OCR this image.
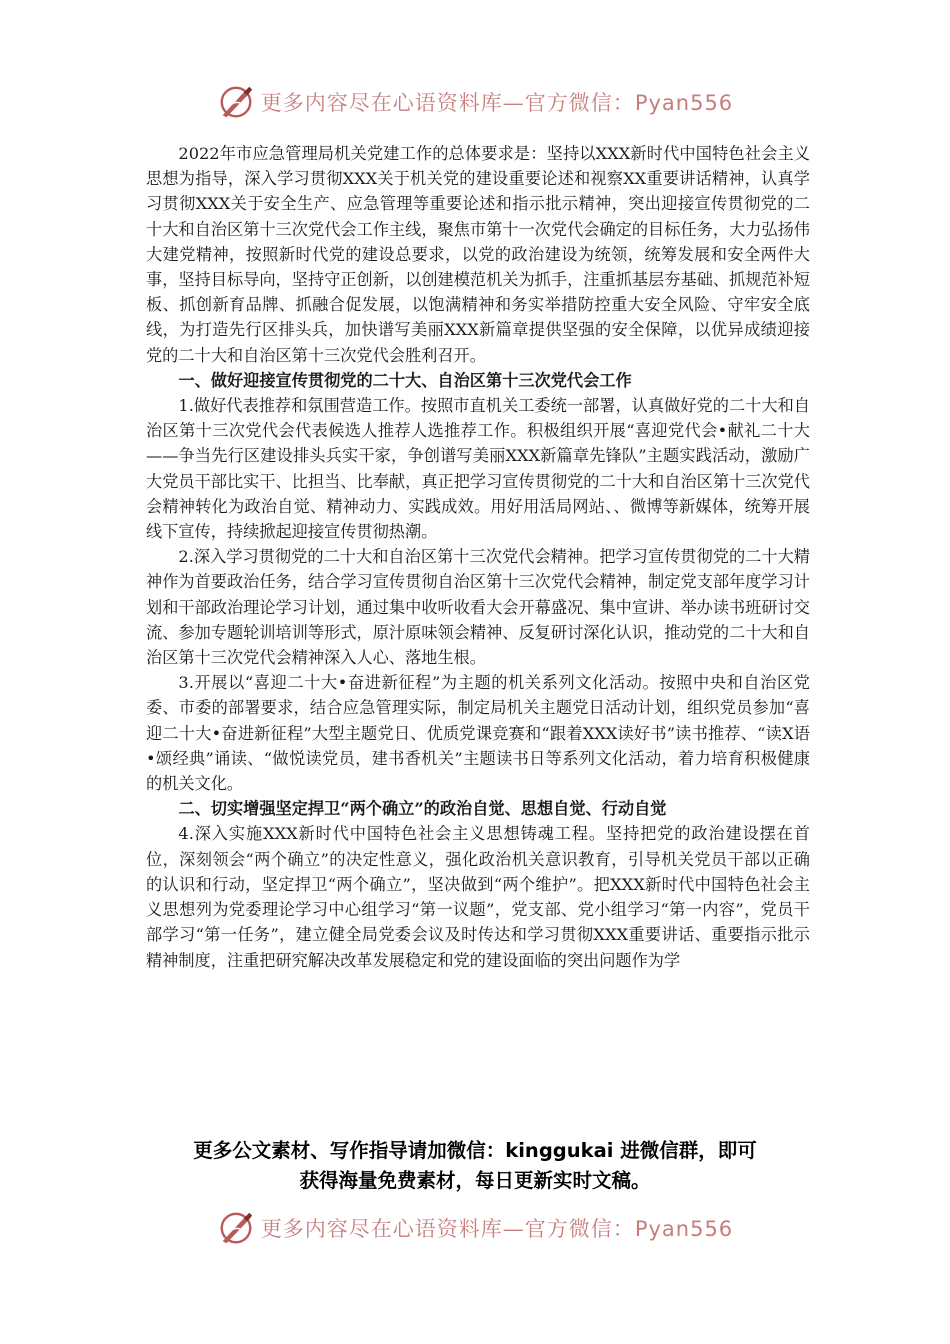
更多内容尽在心语资料库—官方微信：Pyan556

2022年市应急管理局机关党建工作的总体要求是：坚持以XXX新时代中国特色社会主义思想为指导，深入学习贯彻XXX关于机关党的建设重要论述和视察XX重要讲话精神，认真学习贯彻XXX关于安全生产、应急管理等重要论述和指示批示精神，突出迎接宣传贯彻党的二十大和自治区第十三次党代会工作主线，聚焦市第十一次党代会确定的目标任务，大力弘扬伟大建党精神，按照新时代党的建设总要求，以党的政治建设为统领，统筹发展和安全两件大事，坚持目标导向，坚持守正创新，以创建模范机关为抓手，注重抓基层夯基础、抓规范补短板、抓创新育品牌、抓融合促发展，以饱满精神和务实举措防控重大安全风险、守牢安全底线，为打造先行区排头兵，加快谱写美丽XXX新篇章提供坚强的安全保障，以优异成绩迎接党的二十大和自治区第十三次党代会胜利召开。

一、做好迎接宣传贯彻党的二十大、自治区第十三次党代会工作

1.做好代表推荐和氛围营造工作。按照市直机关工委统一部署，认真做好党的二十大和自治区第十三次党代会代表候选人推荐人选推荐工作。积极组织开展“喜迎党代会•献礼二十大——争当先行区建设排头兵实干家，争创谱写美丽XXX新篇章先锋队”主题实践活动，激励广大党员干部比实干、比担当、比奉献，真正把学习宣传贯彻党的二十大和自治区第十三次党代会精神转化为政治自觉、精神动力、实践成效。用好用活局网站、、微博等新媒体，统筹开展线下宣传，持续掀起迎接宣传贯彻热潮。

2.深入学习贯彻党的二十大和自治区第十三次党代会精神。把学习宣传贯彻党的二十大精神作为首要政治任务，结合学习宣传贯彻自治区第十三次党代会精神，制定党支部年度学习计划和干部政治理论学习计划，通过集中收听收看大会开幕盛况、集中宣讲、举办读书班研讨交流、参加专题轮训培训等形式，原汁原味领会精神、反复研讨深化认识，推动党的二十大和自治区第十三次党代会精神深入人心、落地生根。

3.开展以“喜迎二十大•奋进新征程”为主题的机关系列文化活动。按照中央和自治区党委、市委的部署要求，结合应急管理实际，制定局机关主题党日活动计划，组织党员参加“喜迎二十大•奋进新征程”大型主题党日、优质党课竞赛和“跟着XXX读好书”读书推荐、“读X语•颂经典”诵读、“做悦读党员，建书香机关”主题读书日等系列文化活动，着力培育积极健康的机关文化。

二、切实增强坚定捍卫“两个确立”的政治自觉、思想自觉、行动自觉

4.深入实施XXX新时代中国特色社会主义思想铸魂工程。坚持把党的政治建设摆在首位，深刻领会“两个确立”的决定性意义，强化政治机关意识教育，引导机关党员干部以正确的认识和行动，坚定捍卫“两个确立”，坚决做到“两个维护”。把XXX新时代中国特色社会主义思想列为党委理论学习中心组学习“第一议题”，党支部、党小组学习“第一内容”，党员干部学习“第一任务”，建立健全局党委会议及时传达和学习贯彻XXX重要讲话、重要指示批示精神制度，注重把研究解决改革发展稳定和党的建设面临的突出问题作为学

更多公文素材、写作指导请加微信：kinggukai 进微信群，即可
获得海量免费素材，每日更新实时文稿。
更多内容尽在心语资料库—官方微信：Pyan556
